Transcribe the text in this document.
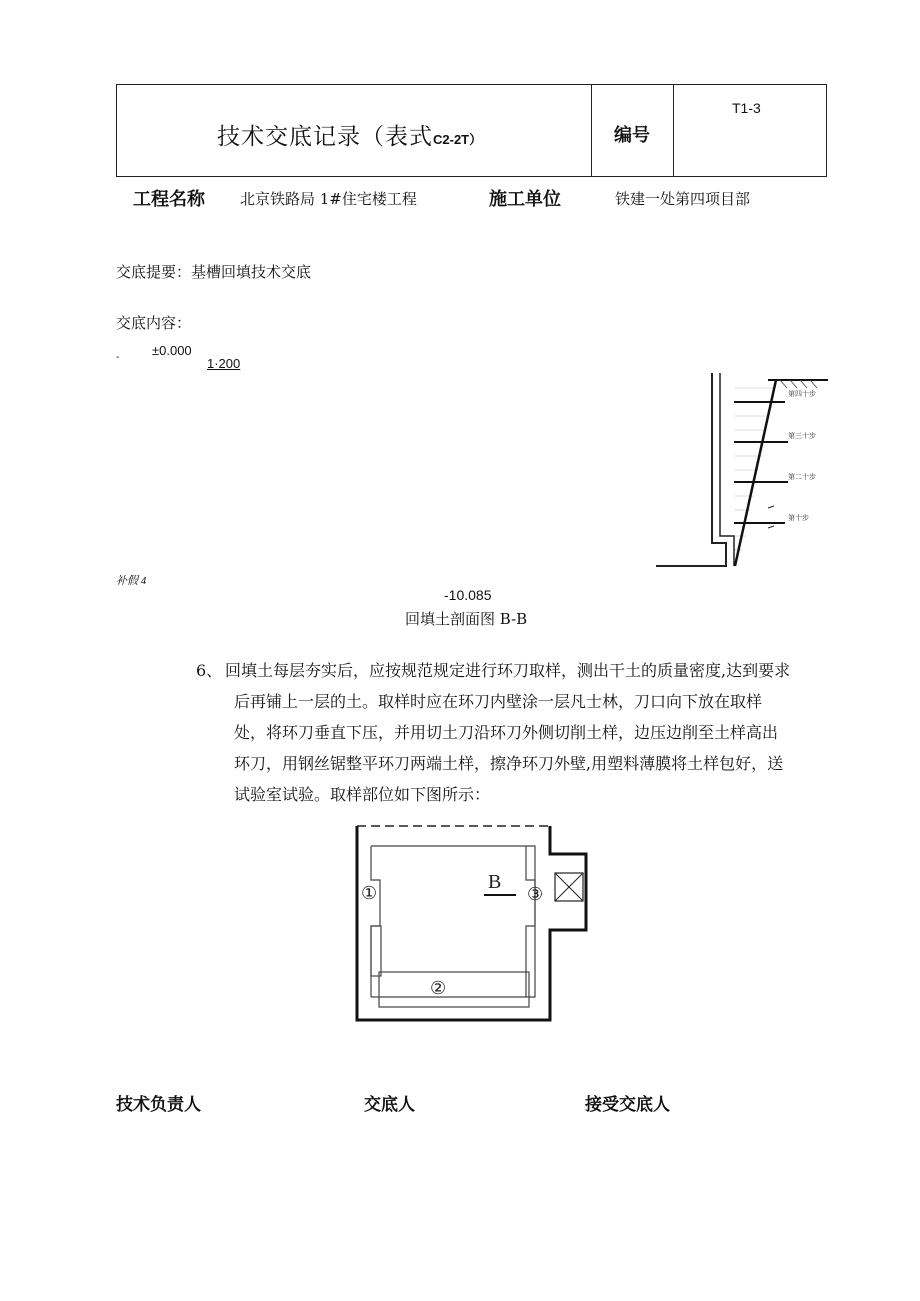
技术交底记录（表式C2-2T）	编号
T1-3
工程名称 北京铁路局 1#住宅楼工程	施工单位	铁建一处第四项目部
交底提要：基槽回填技术交底
交底内容：
-	±0.000
1·200
补假 4
-10.085
回填土剖面图 B-B
第四十步
第三十步
第二十步
第十步
6、 回填土每层夯实后，应按规范规定进行环刀取样，测出干土的质量密度,达到要求
后再铺上一层的土。取样时应在环刀内壁涂一层凡士林，刀口向下放在取样
处，将环刀垂直下压，并用切土刀沿环刀外侧切削土样，边压边削至土样高出
环刀，用钢丝锯整平环刀两端土样，擦净环刀外壁,用塑料薄膜将土样包好，送
试验室试验。取样部位如下图所示：
B
①
②
③
技术负责人	交底人	接受交底人
